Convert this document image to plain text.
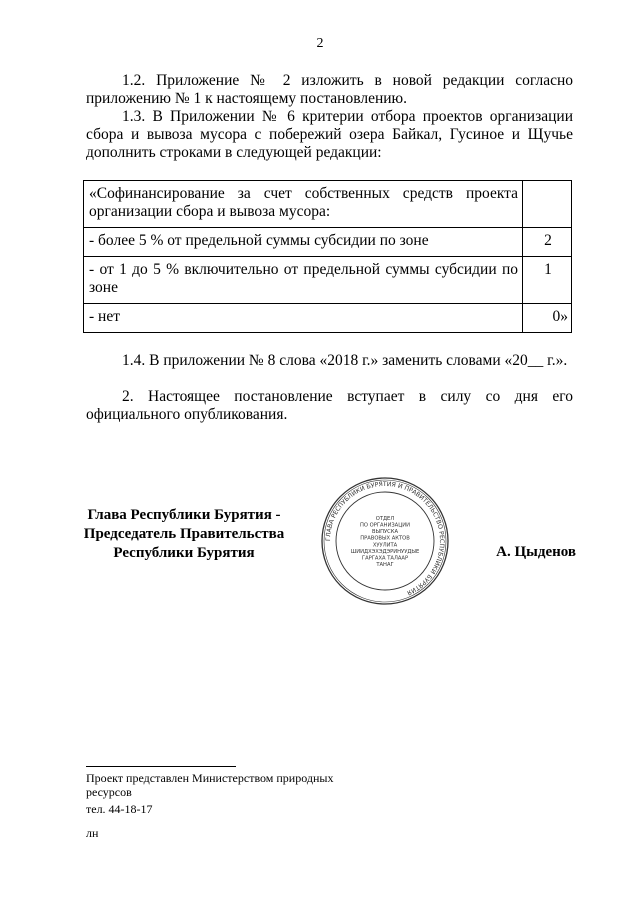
2
1.2. Приложение № 2 изложить в новой редакции согласно приложению № 1 к настоящему постановлению.
1.3. В Приложении № 6 критерии отбора проектов организации сбора и вывоза мусора с побережий озера Байкал, Гусиное и Щучье дополнить строками в следующей редакции:
«Софинансирование за счет собственных средств проекта организации сбора и вывоза мусора:	
- более 5 % от предельной суммы субсидии по зоне	2
- от 1 до 5 % включительно от предельной суммы субсидии по зоне	1
- нет	0»
1.4. В приложении № 8 слова «2018 г.» заменить словами «20__ г.».
2. Настоящее постановление вступает в силу со дня его официального опубликования.
Глава Республики Бурятия -
Председатель Правительства
Республики Бурятия
ГЛАВА РЕСПУБЛИКИ БУРЯТИЯ И ПРАВИТЕЛЬСТВО РЕСПУБЛИКИ БУРЯТИЯ
ОТДЕЛ
ПО ОРГАНИЗАЦИИ
ВЫПУСКА
ПРАВОВЫХ АКТОВ
ХУУЛИТА
ШИИДХЭХЭДЭРИНУУДЫЕ
ГАРГАХА ТАЛААР
ТАНАГ
А. Цыденов
Проект представлен Министерством природных
ресурсов
тел. 44-18-17
лн
